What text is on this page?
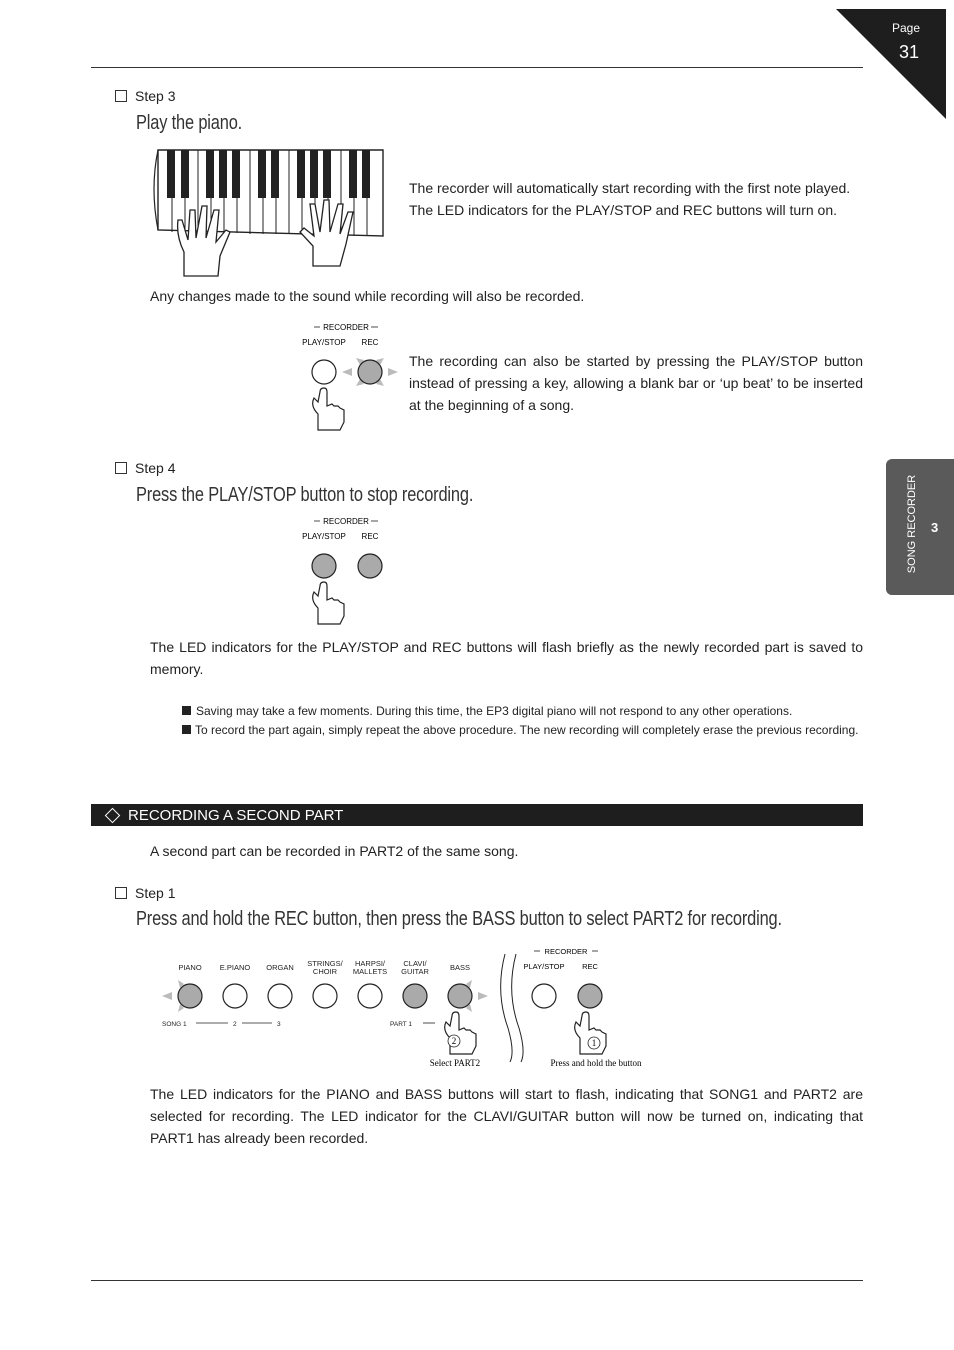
Page
31
SONG RECORDER 3
Step 3
Play the piano.
The recorder will automatically start recording with the first note played. The LED indicators for the PLAY/STOP and REC buttons will turn on.
Any changes made to the sound while recording will also be recorded.
RECORDER
PLAY/STOP REC
The recording can also be started by pressing the PLAY/STOP button instead of pressing a key, allowing a blank bar or ‘up beat’ to be inserted at the beginning of a song.
Step 4
Press the PLAY/STOP button to stop recording.
RECORDER
PLAY/STOP REC
The LED indicators for the PLAY/STOP and REC buttons will flash briefly as the newly recorded part is saved to memory.
Saving may take a few moments. During this time, the EP3 digital piano will not respond to any other operations.
To record the part again, simply repeat the above procedure. The new recording will completely erase the previous recording.
RECORDING A SECOND PART
A second part can be recorded in PART2 of the same song.
Step 1
Press and hold the REC button, then press the BASS button to select PART2 for recording.
PIANO E.PIANO ORGAN STRINGS/ CHOIR
HARPSI/ MALLETS
CLAVI/ GUITAR	BASS
SONG 1	2	3	PART 1
RECORDER
PLAY/STOP REC
2	1
Select PART2	Press and hold the button
The LED indicators for the PIANO and BASS buttons will start to flash, indicating that SONG1 and PART2 are selected for recording. The LED indicator for the CLAVI/GUITAR button will now be turned on, indicating that PART1 has already been recorded.
